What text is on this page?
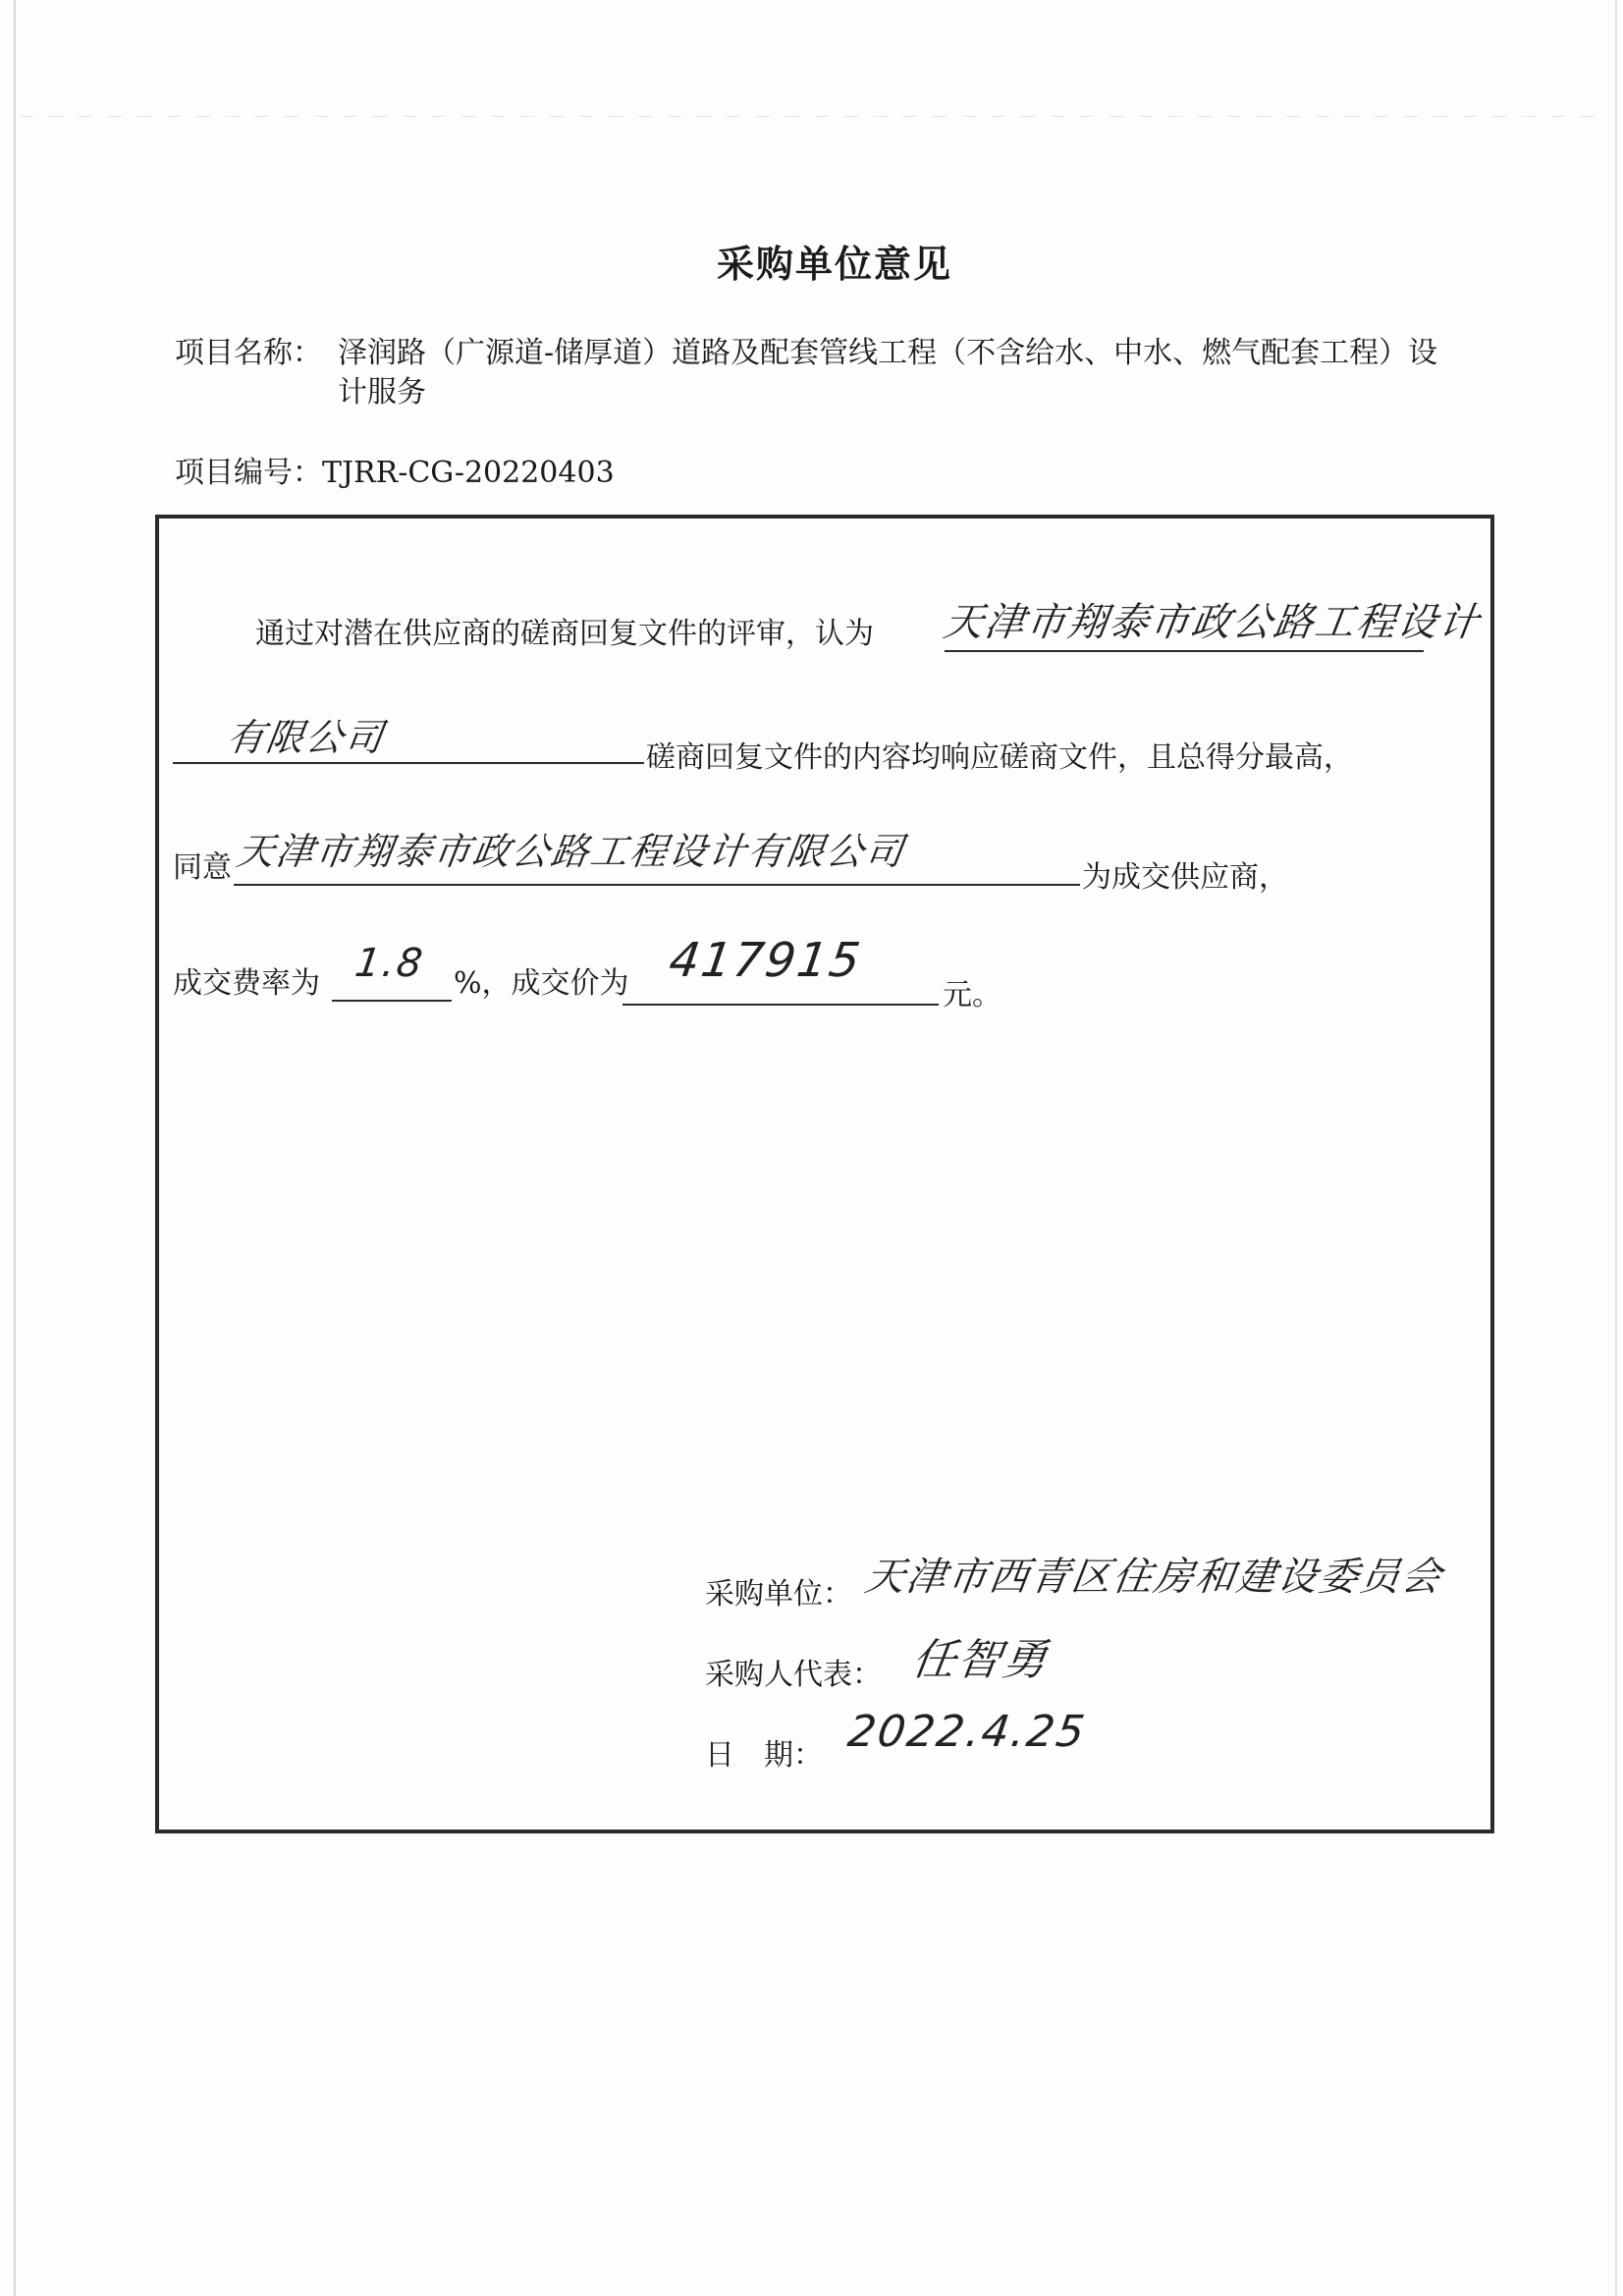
采购单位意见
项目名称： 泽润路（广源道-储厚道）道路及配套管线工程（不含给水、中水、燃气配套工程）设计服务
项目编号：TJRR-CG-20220403
通过对潜在供应商的磋商回复文件的评审，认为 天津市翔泰市政公路工程设计
有限公司	磋商回复文件的内容均响应磋商文件，且总得分最高，
同意 天津市翔泰市政公路工程设计有限公司
为成交供应商，
成交费率为 1.8 %，成交价为 417915
元。
采购单位： 天津市西青区住房和建设委员会
采购人代表： 任智勇
日　期： 2022.4.25
